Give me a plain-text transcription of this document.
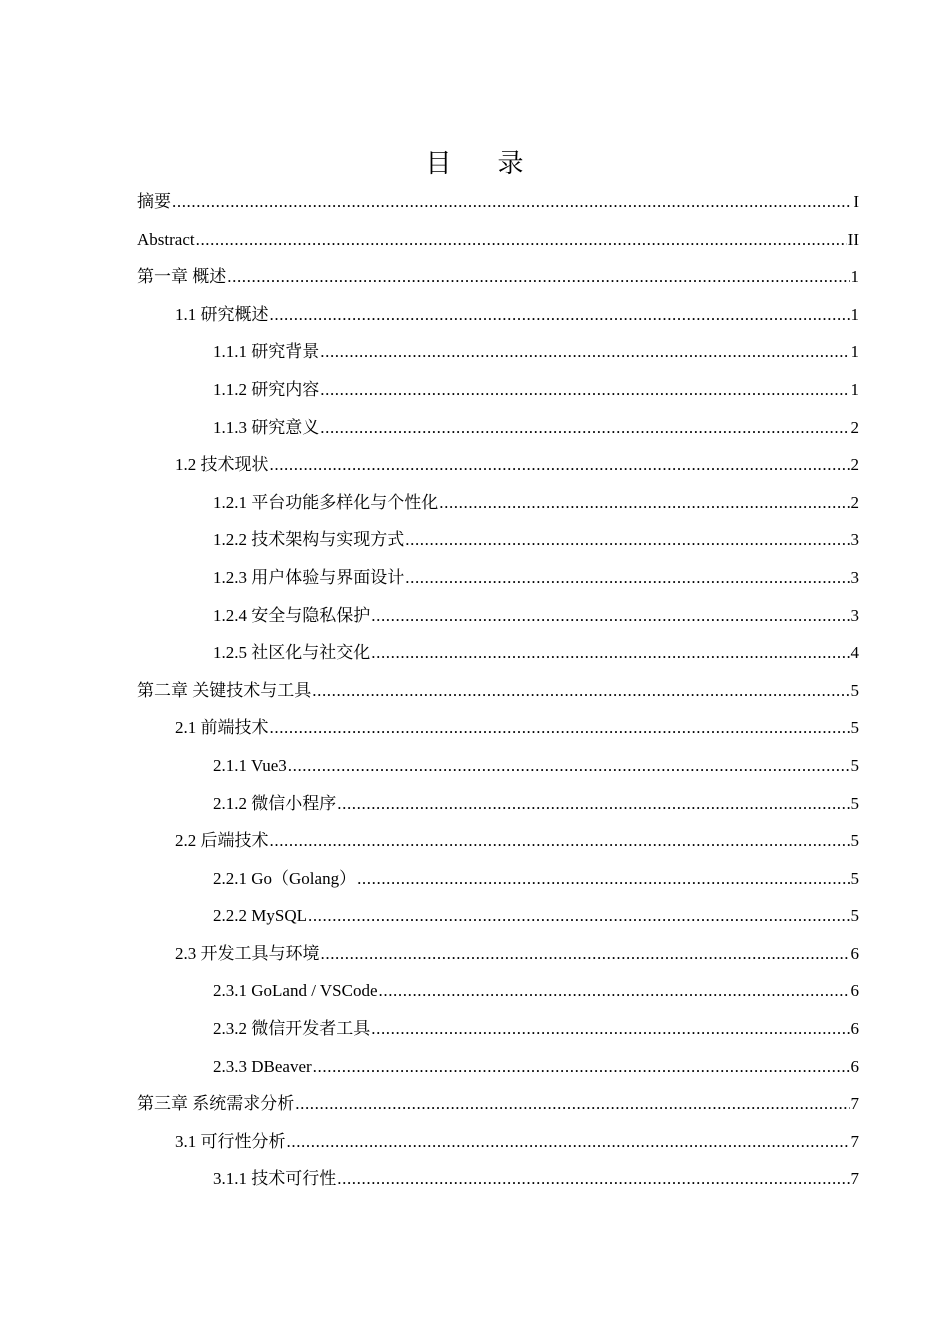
目录
摘要 .....	I
Abstract .....	II
第一章 概述 .....	1
1.1 研究概述 .....	1
1.1.1 研究背景 .....	1
1.1.2 研究内容 .....	1
1.1.3 研究意义 .....	2
1.2 技术现状 .....	2
1.2.1 平台功能多样化与个性化 .....	2
1.2.2 技术架构与实现方式 .....	3
1.2.3 用户体验与界面设计 .....	3
1.2.4 安全与隐私保护 .....	3
1.2.5 社区化与社交化 .....	4
第二章 关键技术与工具 .....	5
2.1 前端技术 .....	5
2.1.1 Vue3 .....	5
2.1.2 微信小程序 .....	5
2.2 后端技术 .....	5
2.2.1 Go（Golang） .....	5
2.2.2 MySQL .....	5
2.3 开发工具与环境 .....	6
2.3.1 GoLand / VSCode .....	6
2.3.2 微信开发者工具 .....	6
2.3.3 DBeaver .....	6
第三章 系统需求分析 .....	7
3.1 可行性分析 .....	7
3.1.1 技术可行性 .....	7
